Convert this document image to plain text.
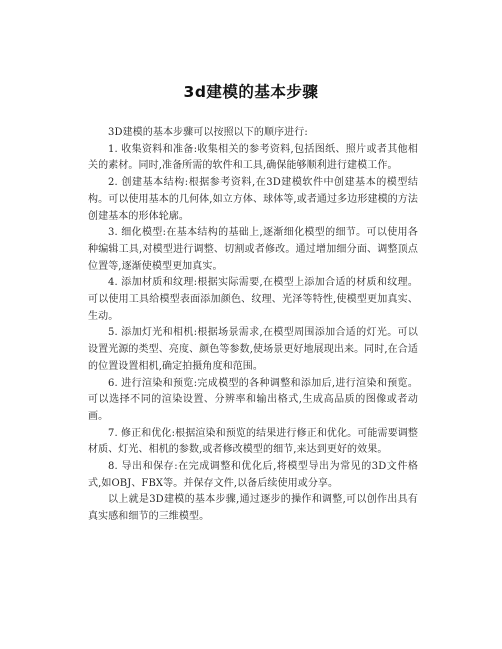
3d建模的基本步骤

3D建模的基本步骤可以按照以下的顺序进行:

1. 收集资料和准备:收集相关的参考资料,包括图纸、照片或者其他相关的素材。同时,准备所需的软件和工具,确保能够顺利进行建模工作。

2. 创建基本结构:根据参考资料,在3D建模软件中创建基本的模型结构。可以使用基本的几何体,如立方体、球体等,或者通过多边形建模的方法创建基本的形体轮廓。

3. 细化模型:在基本结构的基础上,逐渐细化模型的细节。可以使用各种编辑工具,对模型进行调整、切割或者修改。通过增加细分面、调整顶点位置等,逐渐使模型更加真实。

4. 添加材质和纹理:根据实际需要,在模型上添加合适的材质和纹理。可以使用工具给模型表面添加颜色、纹理、光泽等特性,使模型更加真实、生动。

5. 添加灯光和相机:根据场景需求,在模型周围添加合适的灯光。可以设置光源的类型、亮度、颜色等参数,使场景更好地展现出来。同时,在合适的位置设置相机,确定拍摄角度和范围。

6. 进行渲染和预览:完成模型的各种调整和添加后,进行渲染和预览。可以选择不同的渲染设置、分辨率和输出格式,生成高品质的图像或者动画。

7. 修正和优化:根据渲染和预览的结果进行修正和优化。可能需要调整材质、灯光、相机的参数,或者修改模型的细节,来达到更好的效果。

8. 导出和保存:在完成调整和优化后,将模型导出为常见的3D文件格式,如OBJ、FBX等。并保存文件,以备后续使用或分享。

以上就是3D建模的基本步骤,通过逐步的操作和调整,可以创作出具有真实感和细节的三维模型。
